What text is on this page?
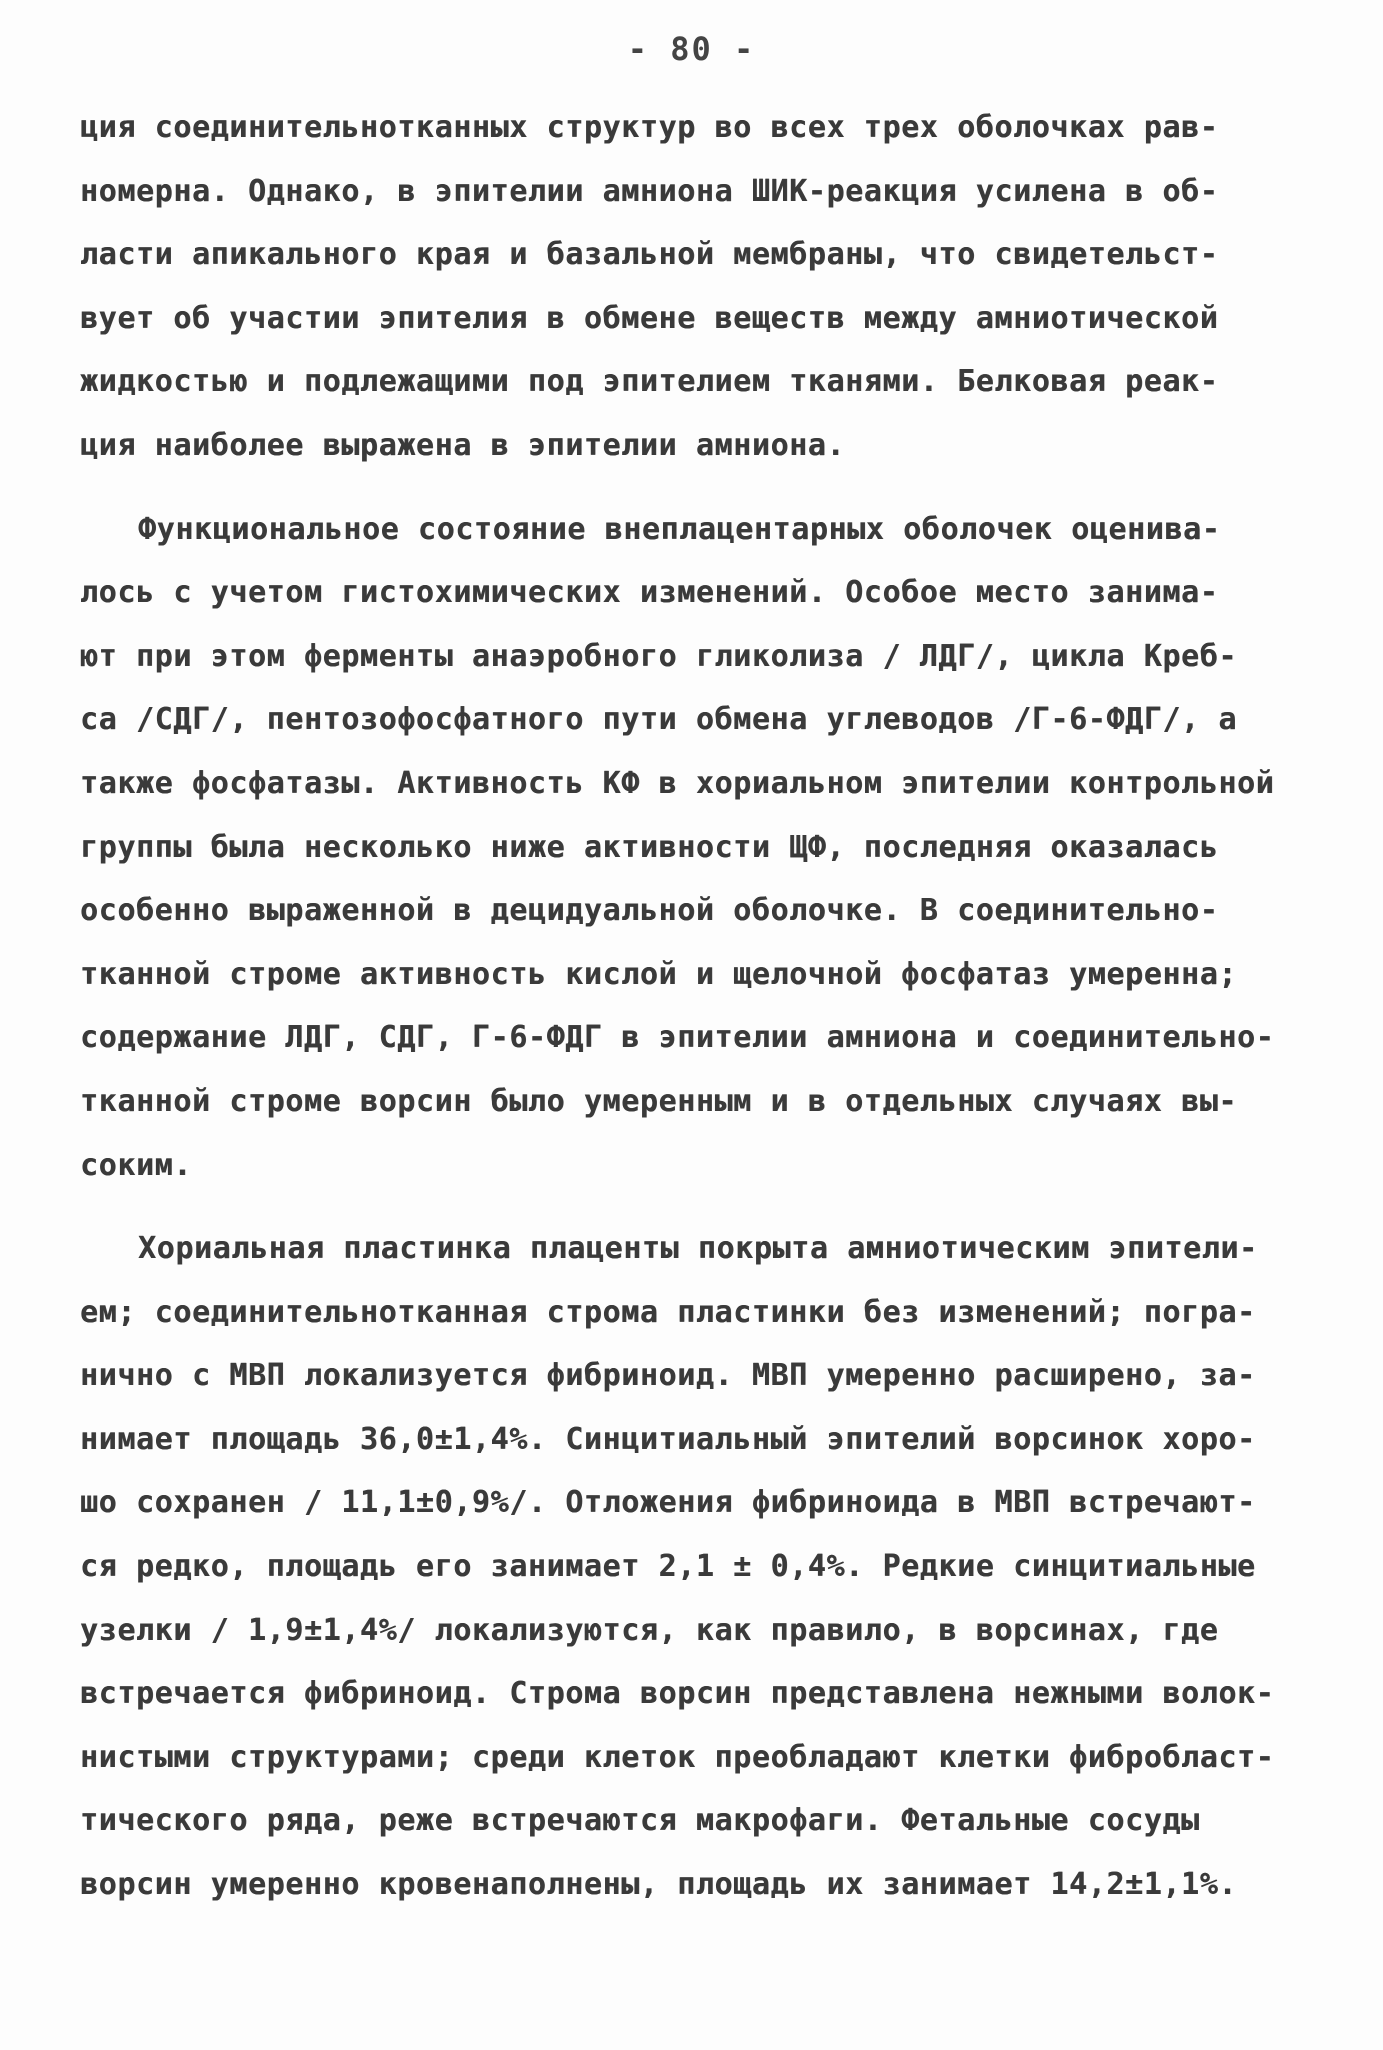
- 80 -
ция соединительнотканных структур во всех трех оболочках рав-
номерна. Однако, в эпителии амниона ШИК-реакция усилена в об-
ласти апикального края и базальной мембраны, что свидетельст-
вует об участии эпителия в обмене веществ между амниотической
жидкостью и подлежащими под эпителием тканями. Белковая реак-
ция наиболее выражена в эпителии амниона.
Функциональное состояние внеплацентарных оболочек оценива-
лось с учетом гистохимических изменений. Особое место занима-
ют при этом ферменты анаэробного гликолиза / ЛДГ/, цикла Креб-
са /СДГ/, пентозофосфатного пути обмена углеводов /Г-6-ФДГ/, а
также фосфатазы. Активность КФ в хориальном эпителии контрольной
группы была несколько ниже активности ЩФ, последняя оказалась
особенно выраженной в децидуальной оболочке. В соединительно-
тканной строме активность кислой и щелочной фосфатаз умеренна;
содержание ЛДГ, СДГ, Г-6-ФДГ в эпителии амниона и соединительно-
тканной строме ворсин было умеренным и в отдельных случаях вы-
соким.
Хориальная пластинка плаценты покрыта амниотическим эпители-
ем; соединительнотканная строма пластинки без изменений; погра-
нично с МВП локализуется фибриноид. МВП умеренно расширено, за-
нимает площадь 36,0±1,4%. Синцитиальный эпителий ворсинок хоро-
шо сохранен / 11,1±0,9%/. Отложения фибриноида в МВП встречают-
ся редко, площадь его занимает 2,1 ± 0,4%. Редкие синцитиальные
узелки / 1,9±1,4%/ локализуются, как правило, в ворсинах, где
встречается фибриноид. Строма ворсин представлена нежными волок-
нистыми структурами; среди клеток преобладают клетки фибробласт-
тического ряда, реже встречаются макрофаги. Фетальные сосуды
ворсин умеренно кровенаполнены, площадь их занимает 14,2±1,1%.
